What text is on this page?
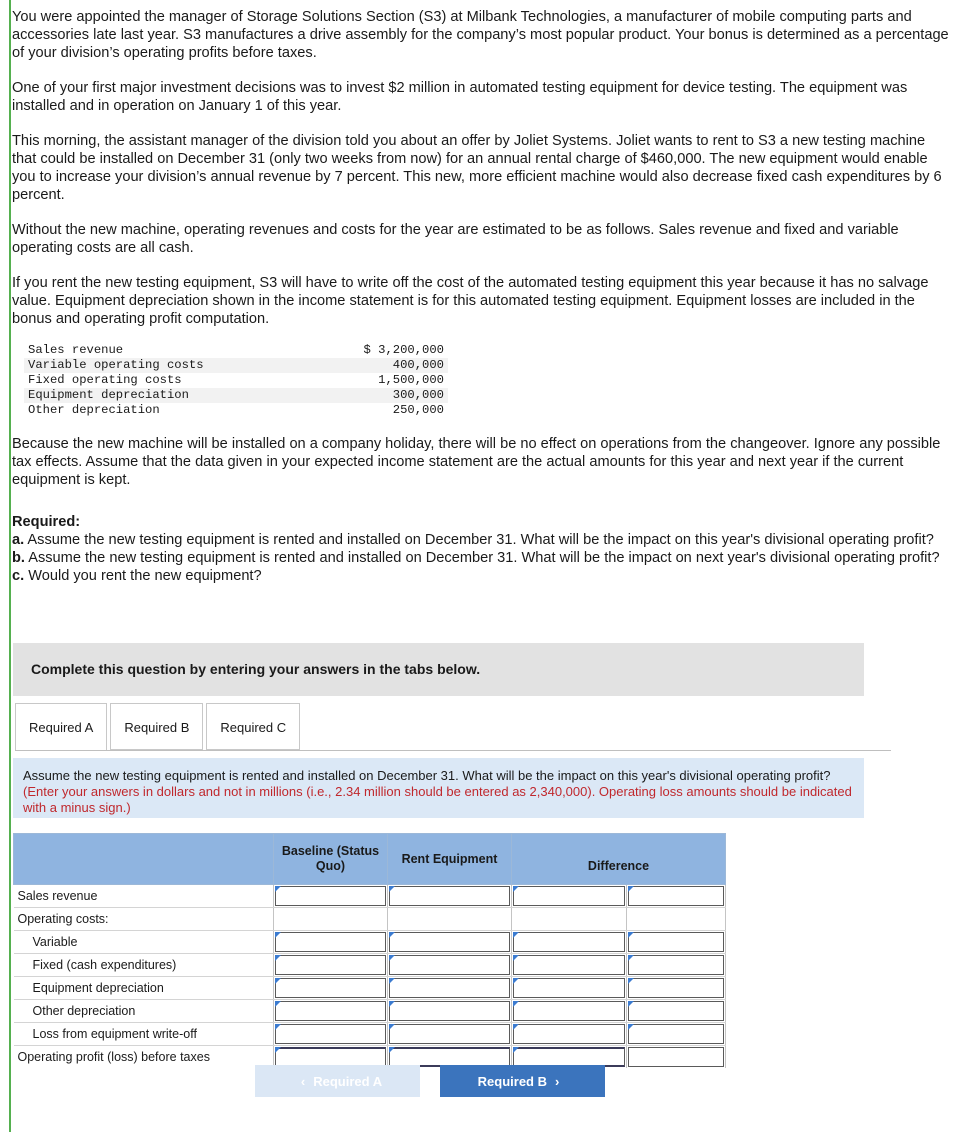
You were appointed the manager of Storage Solutions Section (S3) at Milbank Technologies, a manufacturer of mobile computing parts and accessories late last year. S3 manufactures a drive assembly for the company’s most popular product. Your bonus is determined as a percentage of your division’s operating profits before taxes.

One of your first major investment decisions was to invest $2 million in automated testing equipment for device testing. The equipment was installed and in operation on January 1 of this year.

This morning, the assistant manager of the division told you about an offer by Joliet Systems. Joliet wants to rent to S3 a new testing machine that could be installed on December 31 (only two weeks from now) for an annual rental charge of $460,000. The new equipment would enable you to increase your division’s annual revenue by 7 percent. This new, more efficient machine would also decrease fixed cash expenditures by 6 percent.

Without the new machine, operating revenues and costs for the year are estimated to be as follows. Sales revenue and fixed and variable operating costs are all cash.

If you rent the new testing equipment, S3 will have to write off the cost of the automated testing equipment this year because it has no salvage value. Equipment depreciation shown in the income statement is for this automated testing equipment. Equipment losses are included in the bonus and operating profit computation.

Sales revenue	$ 3,200,000
Variable operating costs	400,000
Fixed operating costs	1,500,000
Equipment depreciation	300,000
Other depreciation	250,000

Because the new machine will be installed on a company holiday, there will be no effect on operations from the changeover. Ignore any possible tax effects. Assume that the data given in your expected income statement are the actual amounts for this year and next year if the current equipment is kept.

Required:
a. Assume the new testing equipment is rented and installed on December 31. What will be the impact on this year's divisional operating profit?
b. Assume the new testing equipment is rented and installed on December 31. What will be the impact on next year's divisional operating profit?
c. Would you rent the new equipment?
Complete this question by entering your answers in the tabs below.
Required A	Required B	Required C
Assume the new testing equipment is rented and installed on December 31. What will be the impact on this year's divisional operating profit? (Enter your answers in dollars and not in millions (i.e., 2.34 million should be entered as 2,340,000). Operating loss amounts should be indicated with a minus sign.)
	Baseline (Status Quo)	Rent Equipment	Difference
Sales revenue	

Operating costs:			

Variable	

Fixed (cash expenditures)	

Equipment depreciation	

Other depreciation	

Loss from equipment write-off	

Operating profit (loss) before taxes	

‹ Required A	Required B ›
